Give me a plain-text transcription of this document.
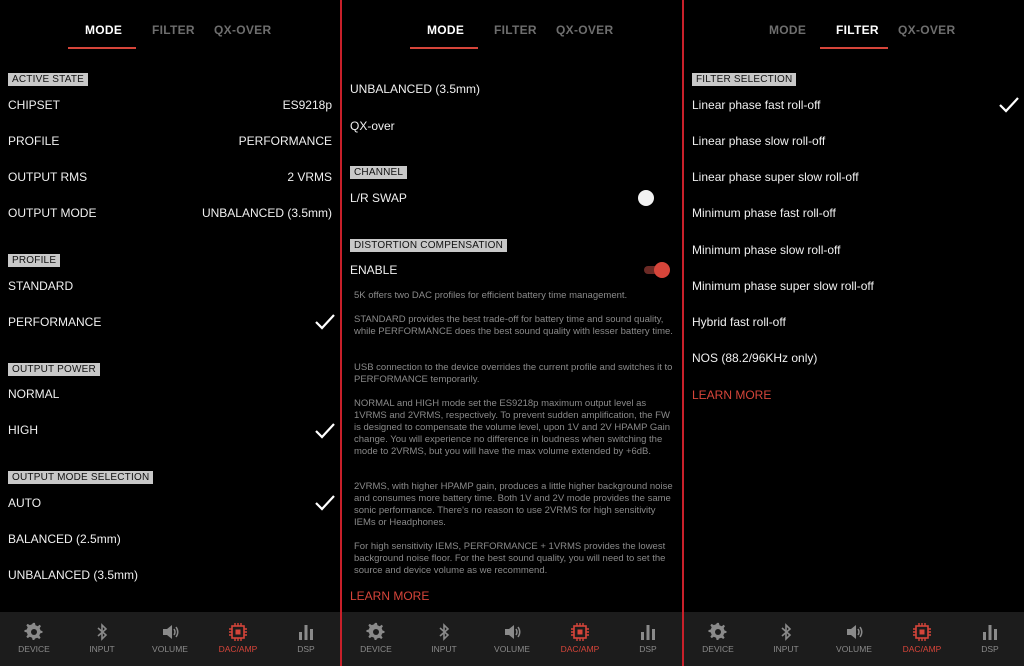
MODE FILTER QX-OVER
ACTIVE STATE
CHIPSET	ES9218p
PROFILE	PERFORMANCE
OUTPUT RMS	2 VRMS
OUTPUT MODE	UNBALANCED (3.5mm)
PROFILE
STANDARD
PERFORMANCE
OUTPUT POWER
NORMAL
HIGH
OUTPUT MODE SELECTION
AUTO
BALANCED (2.5mm)
UNBALANCED (3.5mm)
DEVICE	INPUT	VOLUME	DAC/AMP	DSP
MODE FILTER QX-OVER
UNBALANCED (3.5mm)
QX-over
CHANNEL
L/R SWAP
DISTORTION COMPENSATION
ENABLE
5K offers two DAC profiles for efficient battery time management.
STANDARD provides the best trade-off for battery time and sound quality, while PERFORMANCE does the best sound quality with lesser battery time.
USB connection to the device overrides the current profile and switches it to PERFORMANCE temporarily.
NORMAL and HIGH mode set the ES9218p maximum output level as 1VRMS and 2VRMS, respectively. To prevent sudden amplification, the FW is designed to compensate the volume level, upon 1V and 2V HPAMP Gain change. You will experience no difference in loudness when switching the mode to 2VRMS, but you will have the max volume extended by +6dB.
2VRMS, with higher HPAMP gain, produces a little higher background noise and consumes more battery time. Both 1V and 2V mode provides the same sonic performance. There's no reason to use 2VRMS for high sensitivity IEMs or Headphones.
For high sensitivity IEMS, PERFORMANCE + 1VRMS provides the lowest background noise floor. For the best sound quality, you will need to set the source and device volume as we recommend.
LEARN MORE
DEVICE	INPUT	VOLUME	DAC/AMP	DSP
MODE FILTER QX-OVER
FILTER SELECTION
Linear phase fast roll-off
Linear phase slow roll-off
Linear phase super slow roll-off
Minimum phase fast roll-off
Minimum phase slow roll-off
Minimum phase super slow roll-off
Hybrid fast roll-off
NOS (88.2/96KHz only)
LEARN MORE
DEVICE	INPUT	VOLUME	DAC/AMP	DSP
